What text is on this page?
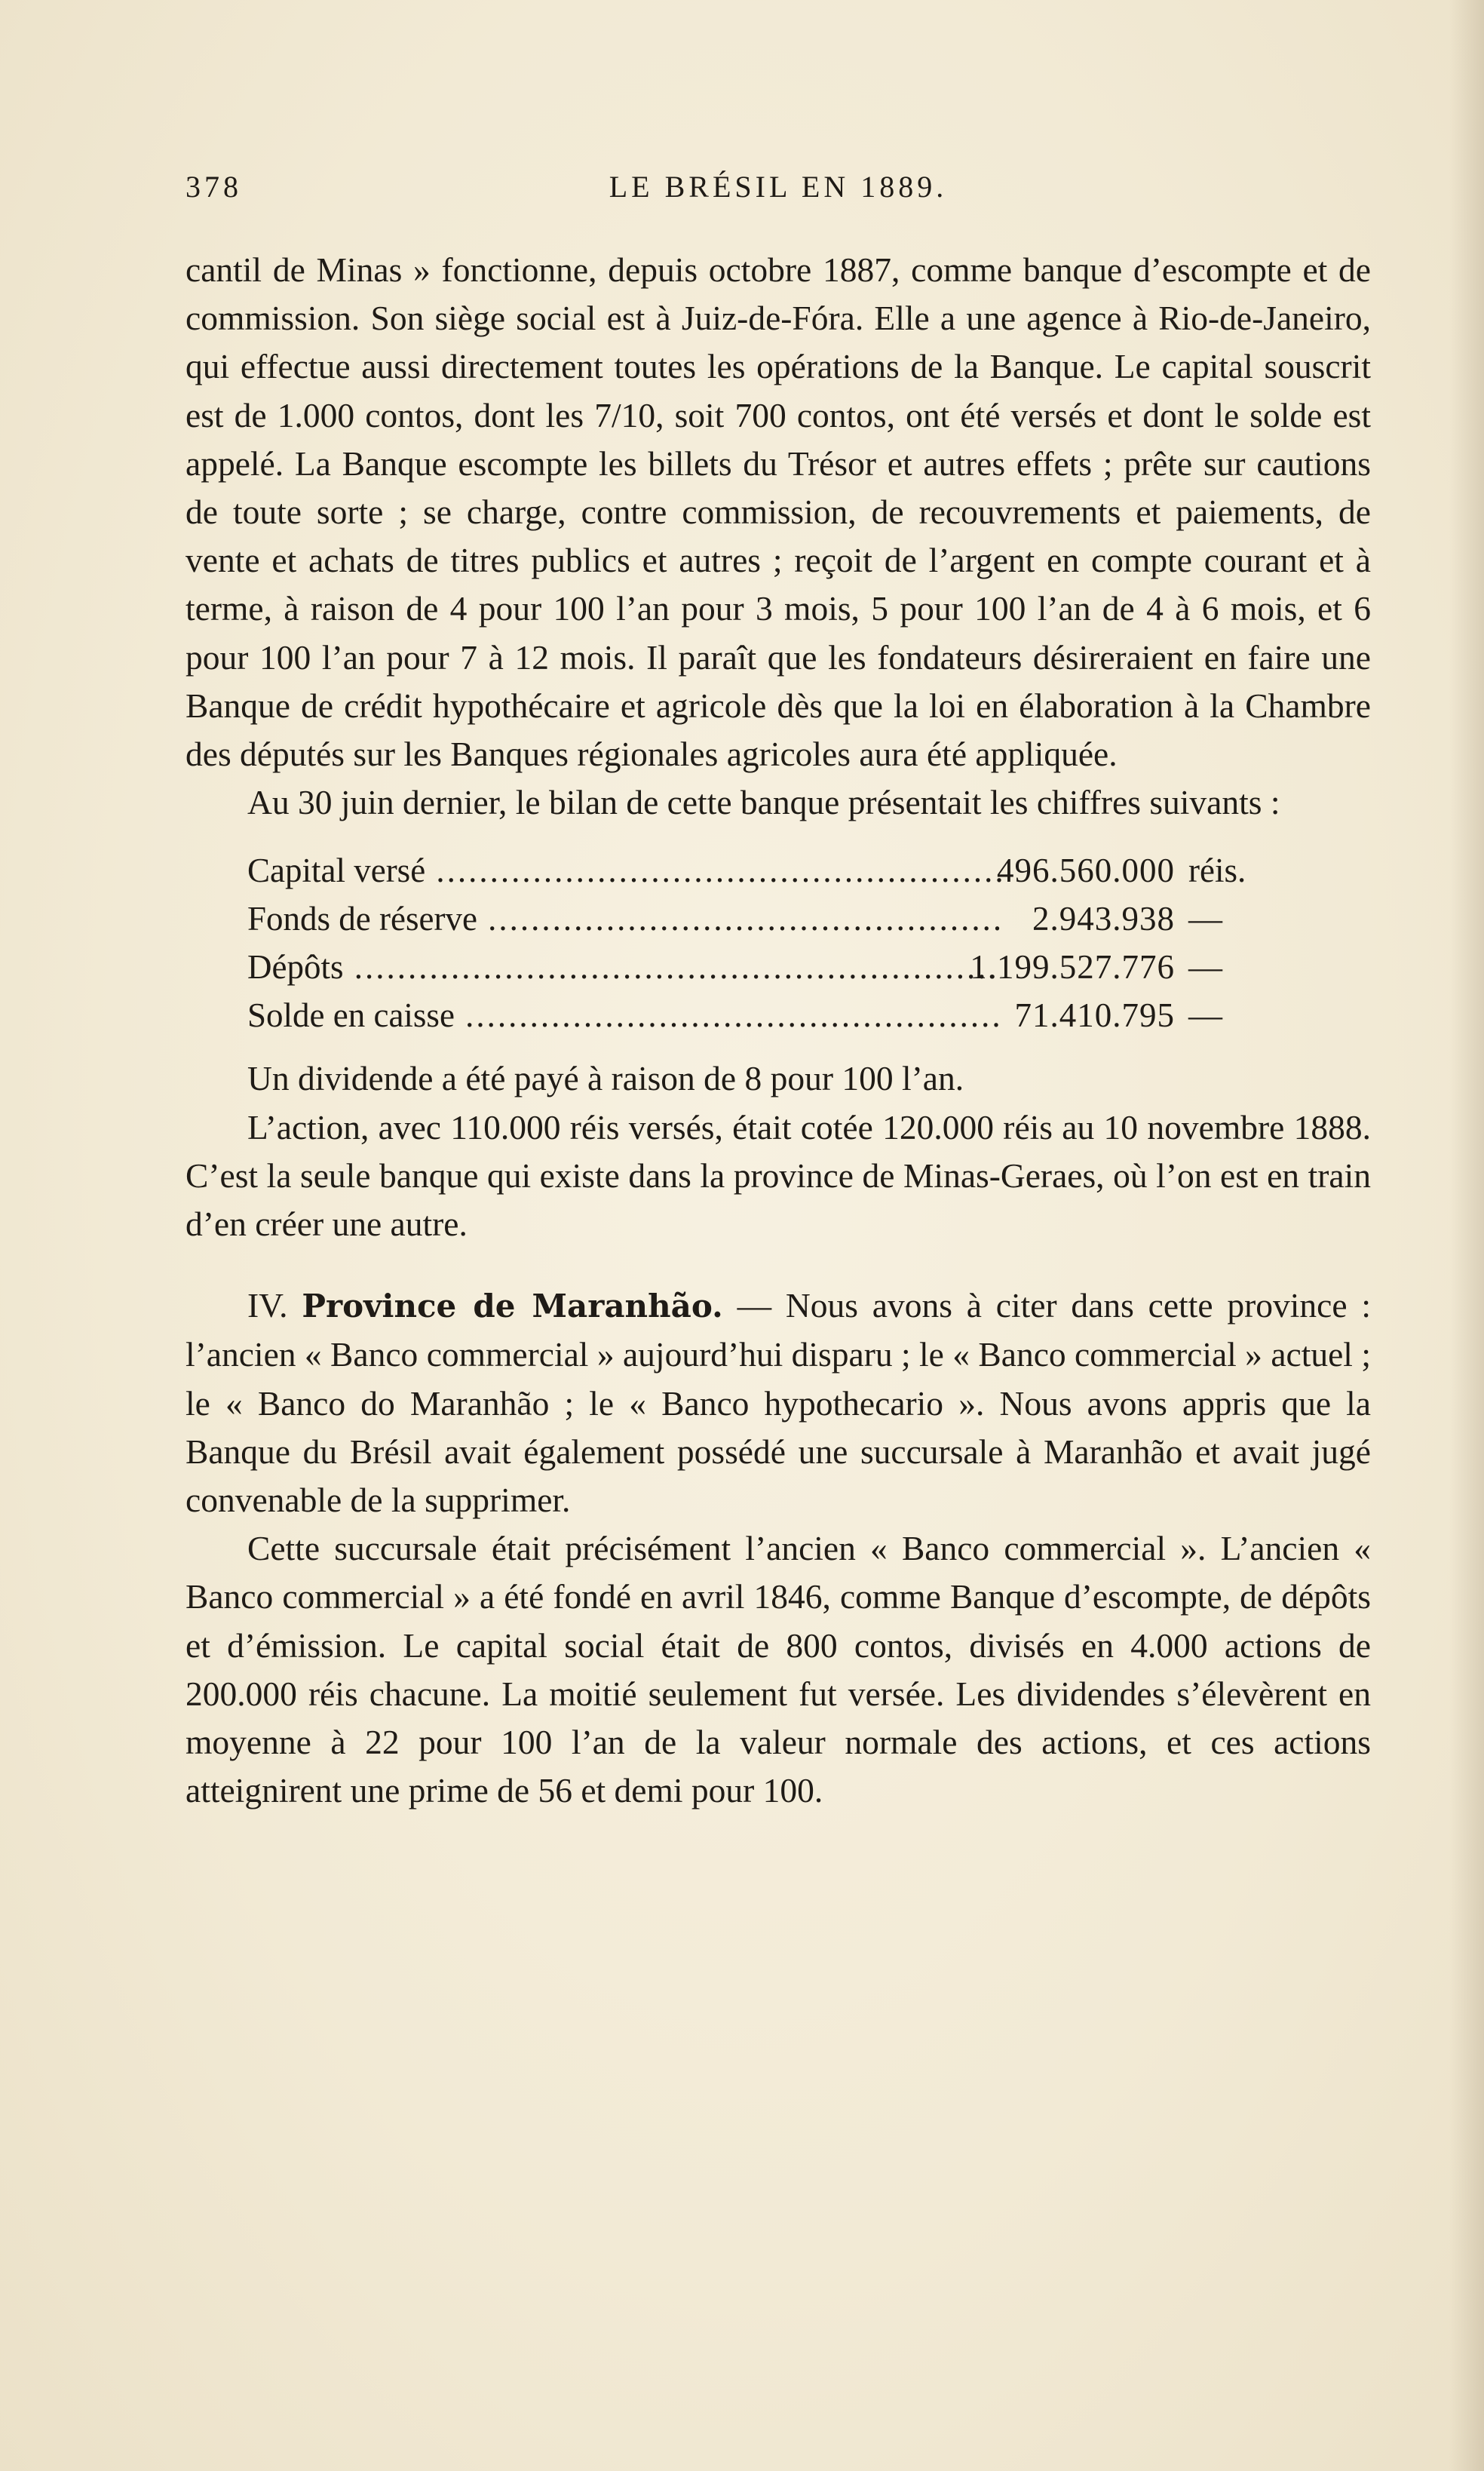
378	LE BRÉSIL EN 1889.

cantil de Minas » fonctionne, depuis octobre 1887, comme banque d’escompte et de commission. Son siège social est à Juiz-de-Fóra. Elle a une agence à Rio-de-Janeiro, qui effectue aussi directement toutes les opérations de la Banque. Le capital souscrit est de 1.000 contos, dont les 7/10, soit 700 contos, ont été versés et dont le solde est appelé. La Banque escompte les billets du Trésor et autres effets ; prête sur cautions de toute sorte ; se charge, contre commission, de recouvrements et paiements, de vente et achats de titres publics et autres ; reçoit de l’argent en compte courant et à terme, à raison de 4 pour 100 l’an pour 3 mois, 5 pour 100 l’an de 4 à 6 mois, et 6 pour 100 l’an pour 7 à 12 mois. Il paraît que les fondateurs désireraient en faire une Banque de crédit hypothécaire et agricole dès que la loi en élaboration à la Chambre des députés sur les Banques régionales agricoles aura été appliquée.

Au 30 juin dernier, le bilan de cette banque présentait les chiffres suivants :

Capital versé .....	496.560.000 réis.
Fonds de réserve .....	2.943.938 —
Dépôts .....	1.199.527.776 —
Solde en caisse .....	71.410.795 —

Un dividende a été payé à raison de 8 pour 100 l’an.

L’action, avec 110.000 réis versés, était cotée 120.000 réis au 10 novembre 1888. C’est la seule banque qui existe dans la province de Minas-Geraes, où l’on est en train d’en créer une autre.

IV. Province de Maranhão. — Nous avons à citer dans cette province : l’ancien « Banco commercial » aujourd’hui disparu ; le « Banco commercial » actuel ; le « Banco do Maranhão ; le « Banco hypothecario ». Nous avons appris que la Banque du Brésil avait également possédé une succursale à Maranhão et avait jugé convenable de la supprimer.

Cette succursale était précisément l’ancien « Banco commercial ». L’ancien « Banco commercial » a été fondé en avril 1846, comme Banque d’escompte, de dépôts et d’émission. Le capital social était de 800 contos, divisés en 4.000 actions de 200.000 réis chacune. La moitié seulement fut versée. Les dividendes s’élevèrent en moyenne à 22 pour 100 l’an de la valeur normale des actions, et ces actions atteignirent une prime de 56 et demi pour 100.
